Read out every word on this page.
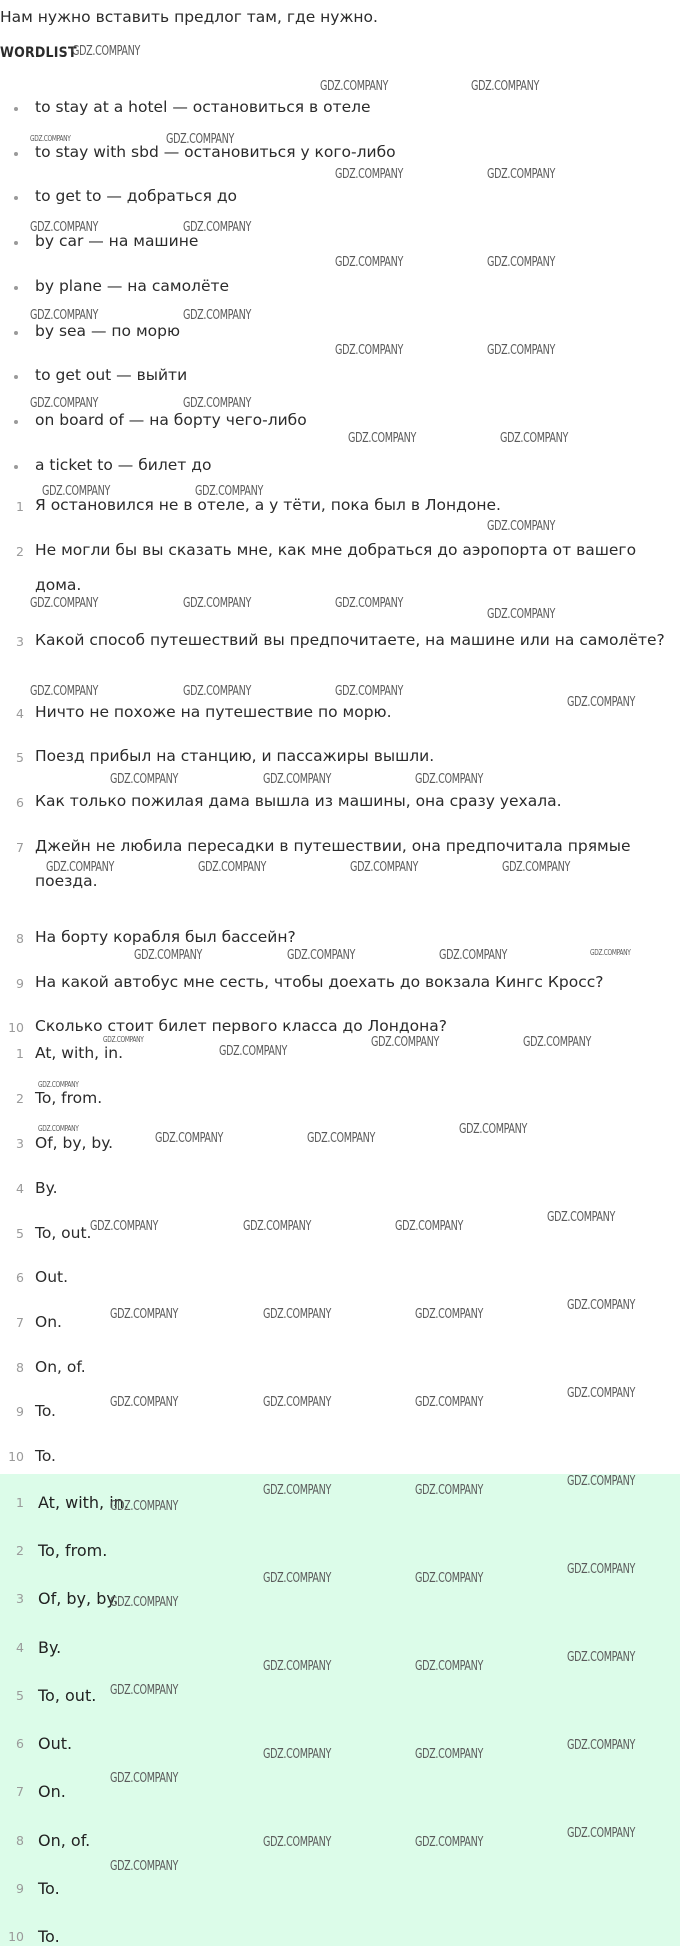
Нам нужно вставить предлог там, где нужно.
WORDLIST
to stay at a hotel — остановиться в отеле
to stay with sbd — остановиться у кого-либо
to get to — добраться до
by car — на машине
by plane — на самолёте
by sea — по морю
to get out — выйти
on board of — на борту чего-либо
a ticket to — билет до
1 Я остановился не в отеле, а у тёти, пока был в Лондоне.
2 Не могли бы вы сказать мне, как мне добраться до аэропорта от вашего дома.
3 Какой способ путешествий вы предпочитаете, на машине или на самолёте?
4 Ничто не похоже на путешествие по морю.
5 Поезд прибыл на станцию, и пассажиры вышли.
6 Как только пожилая дама вышла из машины, она сразу уехала.
7 Джейн не любила пересадки в путешествии, она предпочитала прямые поезда.
8 На борту корабля был бассейн?
9 На какой автобус мне сесть, чтобы доехать до вокзала Кингс Кросс?
10 Сколько стоит билет первого класса до Лондона?
1 At, with, in.
2 To, from.
3 Of, by, by.
4 By.
5 To, out.
6 Out.
7 On.
8 On, of.
9 To.
10 To.
1 At, with, in.
2 To, from.
3 Of, by, by.
4 By.
5 To, out.
6 Out.
7 On.
8 On, of.
9 To.
10 To.
GDZ.COMPANY
GDZ.COMPANY	GDZ.COMPANY
GDZ.COMPANY	GDZ.COMPANY
GDZ.COMPANY	GDZ.COMPANY
GDZ.COMPANY	GDZ.COMPANY
GDZ.COMPANY	GDZ.COMPANY
GDZ.COMPANY	GDZ.COMPANY
GDZ.COMPANY	GDZ.COMPANY
GDZ.COMPANY	GDZ.COMPANY
GDZ.COMPANY	GDZ.COMPANY
GDZ.COMPANY	GDZ.COMPANY
GDZ.COMPANY
GDZ.COMPANY	GDZ.COMPANY	GDZ.COMPANY
GDZ.COMPANY
GDZ.COMPANY	GDZ.COMPANY	GDZ.COMPANY
GDZ.COMPANY
GDZ.COMPANY	GDZ.COMPANY	GDZ.COMPANY
GDZ.COMPANY	GDZ.COMPANY	GDZ.COMPANY	GDZ.COMPANY
GDZ.COMPANY	GDZ.COMPANY	GDZ.COMPANY	GDZ.COMPANY
GDZ.COMPANY
GDZ.COMPANY
GDZ.COMPANY	GDZ.COMPANY
GDZ.COMPANY
GDZ.COMPANY
GDZ.COMPANY	GDZ.COMPANY
GDZ.COMPANY
GDZ.COMPANY	GDZ.COMPANY	GDZ.COMPANY
GDZ.COMPANY
GDZ.COMPANY	GDZ.COMPANY	GDZ.COMPANY
GDZ.COMPANY
GDZ.COMPANY	GDZ.COMPANY	GDZ.COMPANY
GDZ.COMPANY
GDZ.COMPANY	GDZ.COMPANY
GDZ.COMPANY
GDZ.COMPANY
GDZ.COMPANY	GDZ.COMPANY
GDZ.COMPANY
GDZ.COMPANY
GDZ.COMPANY	GDZ.COMPANY
GDZ.COMPANY
GDZ.COMPANY
GDZ.COMPANY	GDZ.COMPANY
GDZ.COMPANY
GDZ.COMPANY
GDZ.COMPANY	GDZ.COMPANY
GDZ.COMPANY
GDZ.COMPANY
